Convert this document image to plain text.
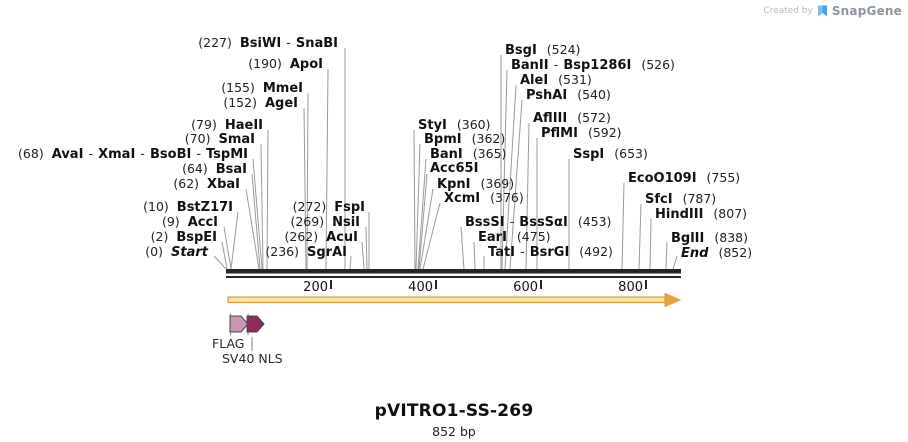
(227) BsiWI - SnaBI
(190) ApoI
(155) MmeI
(152) AgeI
(79) HaeII
(70) SmaI
(68) AvaI - XmaI - BsoBI - TspMI
(64) BsaI
(62) XbaI
(10) BstZ17I
(9) AccI
(2) BspEI
(0) Start
(272) FspI
(269) NsiI
(262) AcuI
(236) SgrAI
StyI (360)
BpmI (362)
BanI (365)
Acc65I
KpnI (369)
XcmI (376)
BssSI - BssSαI (453)
EarI (475)
TatI - BsrGI (492)
BsgI (524)
BanII - Bsp1286I (526)
AleI (531)
PshAI (540)
AflIII (572)
PflMI (592)
SspI (653)
EcoO109I (755)
SfcI (787)
HindIII (807)
BglII (838)
End (852)
200	400	600	800
FLAG
SV40 NLS
pVITRO1-SS-269
852 bp
Created by SnapGene
